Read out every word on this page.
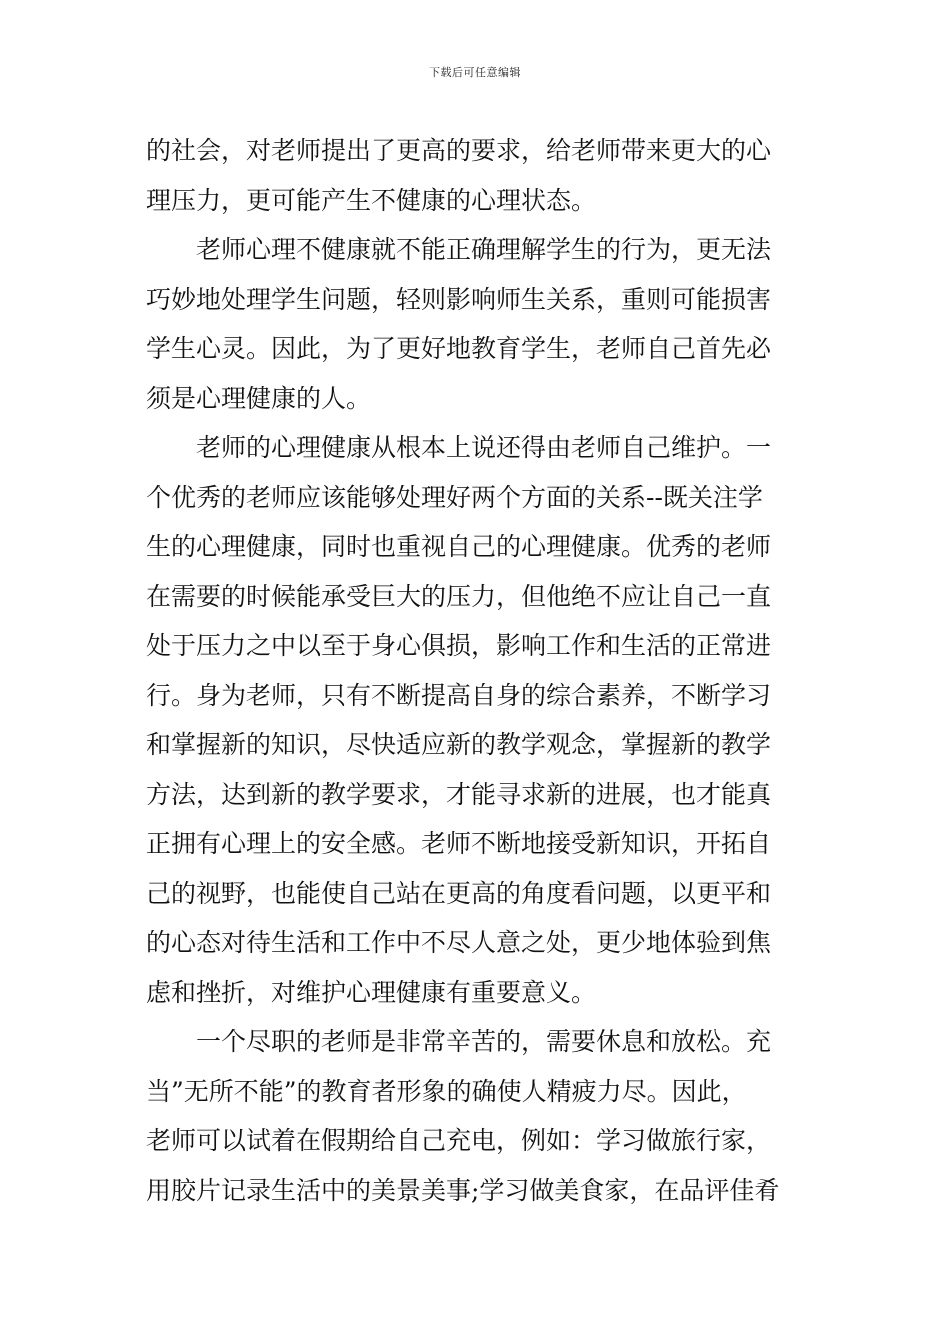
下载后可任意编辑
的社会，对老师提出了更高的要求，给老师带来更大的心
理压力，更可能产生不健康的心理状态。
老师心理不健康就不能正确理解学生的行为，更无法
巧妙地处理学生问题，轻则影响师生关系，重则可能损害
学生心灵。因此，为了更好地教育学生，老师自己首先必
须是心理健康的人。
老师的心理健康从根本上说还得由老师自己维护。一
个优秀的老师应该能够处理好两个方面的关系--既关注学
生的心理健康，同时也重视自己的心理健康。优秀的老师
在需要的时候能承受巨大的压力，但他绝不应让自己一直
处于压力之中以至于身心俱损，影响工作和生活的正常进
行。身为老师，只有不断提高自身的综合素养，不断学习
和掌握新的知识，尽快适应新的教学观念，掌握新的教学
方法，达到新的教学要求，才能寻求新的进展，也才能真
正拥有心理上的安全感。老师不断地接受新知识，开拓自
己的视野，也能使自己站在更高的角度看问题，以更平和
的心态对待生活和工作中不尽人意之处，更少地体验到焦
虑和挫折，对维护心理健康有重要意义。
一个尽职的老师是非常辛苦的，需要休息和放松。充
当”无所不能”的教育者形象的确使人精疲力尽。因此，
老师可以试着在假期给自己充电，例如：学习做旅行家，
用胶片记录生活中的美景美事;学习做美食家，在品评佳肴
